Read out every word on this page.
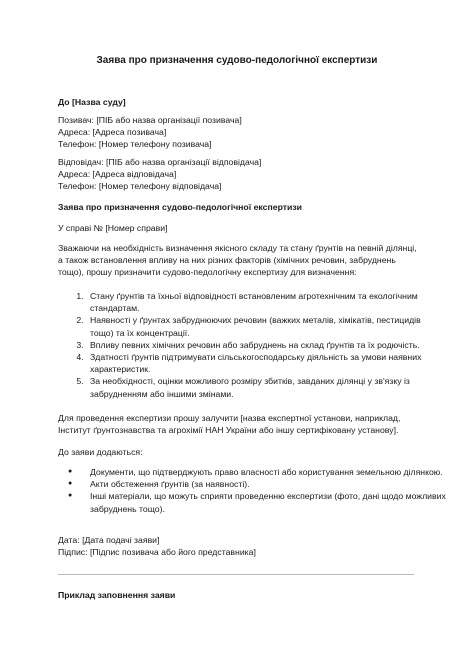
Заява про призначення судово-педологічної експертизи
До [Назва суду]
Позивач: [ПІБ або назва організації позивача]
Адреса: [Адреса позивача]
Телефон: [Номер телефону позивача]
Відповідач: [ПІБ або назва організації відповідача]
Адреса: [Адреса відповідача]
Телефон: [Номер телефону відповідача]
Заява про призначення судово-педологічної експертизи
У справі № [Номер справи]
Зважаючи на необхідність визначення якісного складу та стану ґрунтів на певній ділянці, а також встановлення впливу на них різних факторів (хімічних речовин, забруднень тощо), прошу призначити судово-педологічну експертизу для визначення:
1. Стану ґрунтів та їхньої відповідності встановленим агротехнічним та екологічним стандартам.
2. Наявності у ґрунтах забруднюючих речовин (важких металів, хімікатів, пестицидів тощо) та їх концентрації.
3. Впливу певних хімічних речовин або забруднень на склад ґрунтів та їх родючість.
4. Здатності ґрунтів підтримувати сільськогосподарську діяльність за умови наявних характеристик.
5. За необхідності, оцінки можливого розміру збитків, завданих ділянці у зв'язку із забрудненням або іншими змінами.
Для проведення експертизи прошу залучити [назва експертної установи, наприклад, Інститут ґрунтознавства та агрохімії НАН України або іншу сертифіковану установу].
До заяви додаються:
● Документи, що підтверджують право власності або користування земельною ділянкою.
● Акти обстеження ґрунтів (за наявності).
● Інші матеріали, що можуть сприяти проведенню експертизи (фото, дані щодо можливих забруднень тощо).
Дата: [Дата подачі заяви]
Підпис: [Підпис позивача або його представника]
Приклад заповнення заяви
